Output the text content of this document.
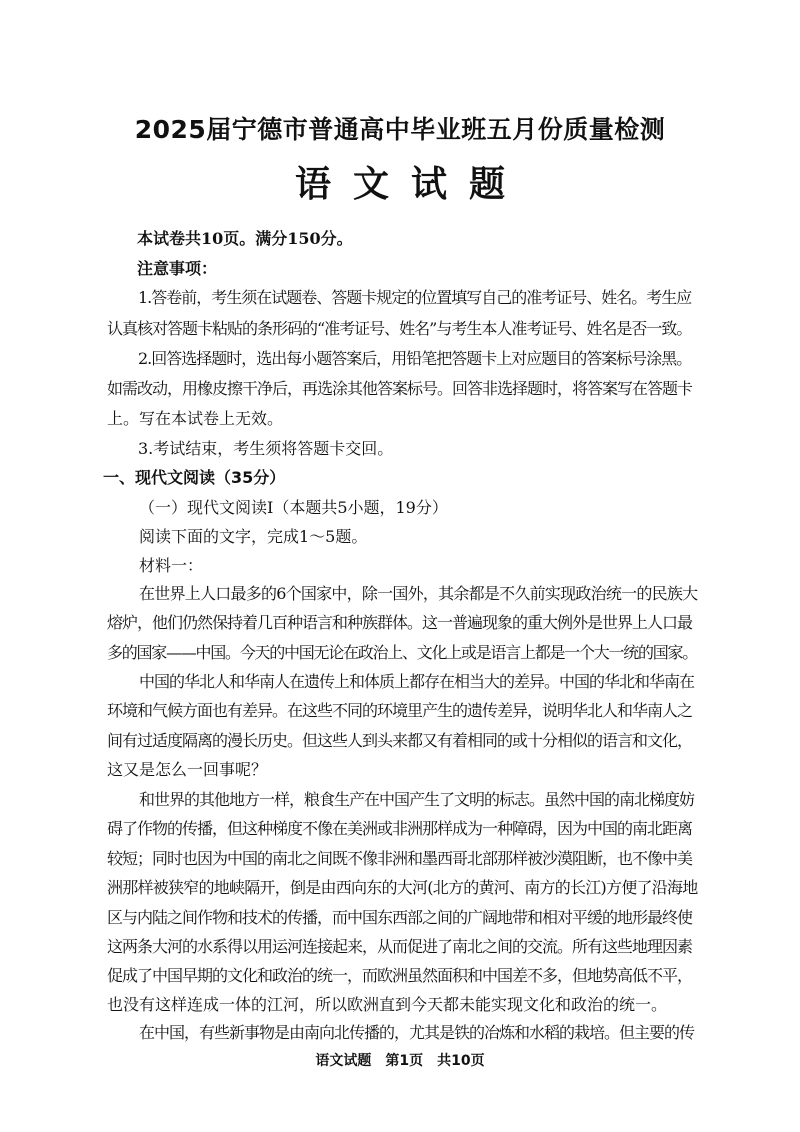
2025届宁德市普通高中毕业班五月份质量检测
语文试题
本试卷共10页。满分150分。
注意事项：
1.答卷前，考生须在试题卷、答题卡规定的位置填写自己的准考证号、姓名。考生应
认真核对答题卡粘贴的条形码的“准考证号、姓名”与考生本人准考证号、姓名是否一致。
2.回答选择题时，选出每小题答案后，用铅笔把答题卡上对应题目的答案标号涂黑。
如需改动，用橡皮擦干净后，再选涂其他答案标号。回答非选择题时，将答案写在答题卡
上。写在本试卷上无效。
3.考试结束，考生须将答题卡交回。
一、现代文阅读（35分）
（一）现代文阅读Ⅰ（本题共5小题，19分）
阅读下面的文字，完成1～5题。
材料一：
在世界上人口最多的6个国家中，除一国外，其余都是不久前实现政治统一的民族大
熔炉，他们仍然保持着几百种语言和种族群体。这一普遍现象的重大例外是世界上人口最
多的国家——中国。今天的中国无论在政治上、文化上或是语言上都是一个大一统的国家。
中国的华北人和华南人在遗传上和体质上都存在相当大的差异。中国的华北和华南在
环境和气候方面也有差异。在这些不同的环境里产生的遗传差异，说明华北人和华南人之
间有过适度隔离的漫长历史。但这些人到头来都又有着相同的或十分相似的语言和文化，
这又是怎么一回事呢？
和世界的其他地方一样，粮食生产在中国产生了文明的标志。虽然中国的南北梯度妨
碍了作物的传播，但这种梯度不像在美洲或非洲那样成为一种障碍，因为中国的南北距离
较短；同时也因为中国的南北之间既不像非洲和墨西哥北部那样被沙漠阻断，也不像中美
洲那样被狭窄的地峡隔开，倒是由西向东的大河(北方的黄河、南方的长江)方便了沿海地
区与内陆之间作物和技术的传播，而中国东西部之间的广阔地带和相对平缓的地形最终使
这两条大河的水系得以用运河连接起来，从而促进了南北之间的交流。所有这些地理因素
促成了中国早期的文化和政治的统一，而欧洲虽然面积和中国差不多，但地势高低不平，
也没有这样连成一体的江河，所以欧洲直到今天都未能实现文化和政治的统一。
在中国，有些新事物是由南向北传播的，尤其是铁的冶炼和水稻的栽培。但主要的传
语文试题　第1页　共10页
